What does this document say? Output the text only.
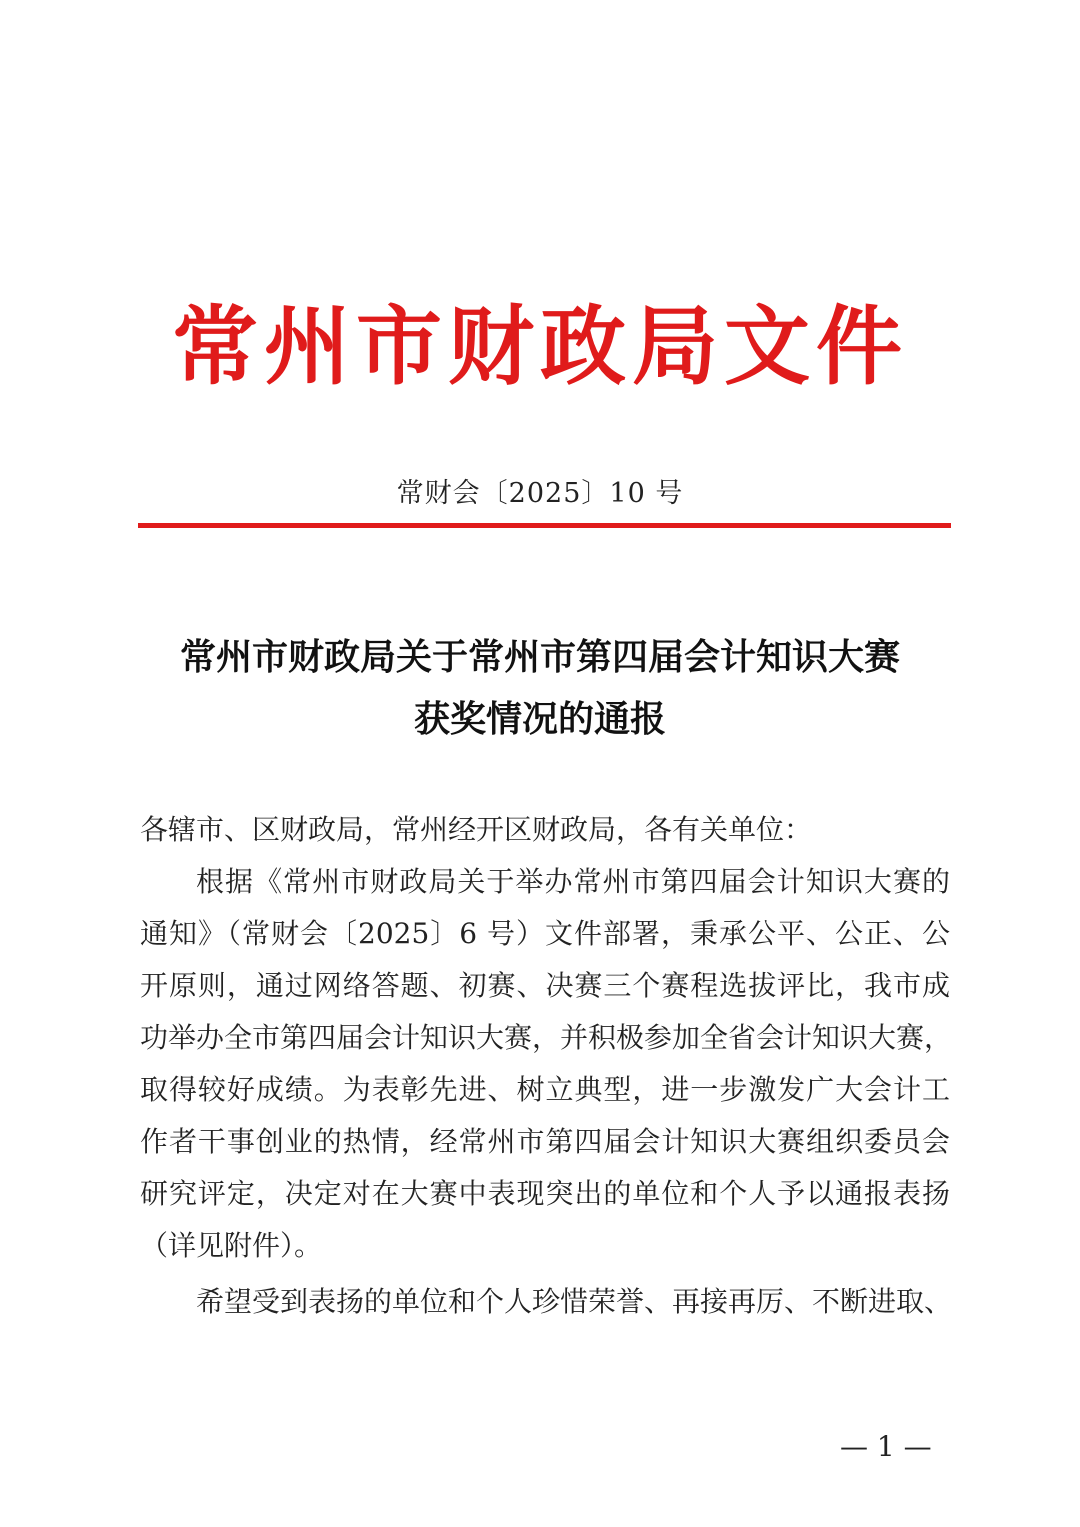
常州市财政局文件
常财会〔2025〕10 号
常州市财政局关于常州市第四届会计知识大赛
获奖情况的通报
各辖市、区财政局，常州经开区财政局，各有关单位：
根据《常州市财政局关于举办常州市第四届会计知识大赛的
通知》（常财会〔2025〕6 号）文件部署，秉承公平、公正、公
开原则，通过网络答题、初赛、决赛三个赛程选拔评比，我市成
功举办全市第四届会计知识大赛，并积极参加全省会计知识大赛，
取得较好成绩。为表彰先进、树立典型，进一步激发广大会计工
作者干事创业的热情，经常州市第四届会计知识大赛组织委员会
研究评定，决定对在大赛中表现突出的单位和个人予以通报表扬
（详见附件）。
希望受到表扬的单位和个人珍惜荣誉、再接再厉、不断进取、
— 1 —
